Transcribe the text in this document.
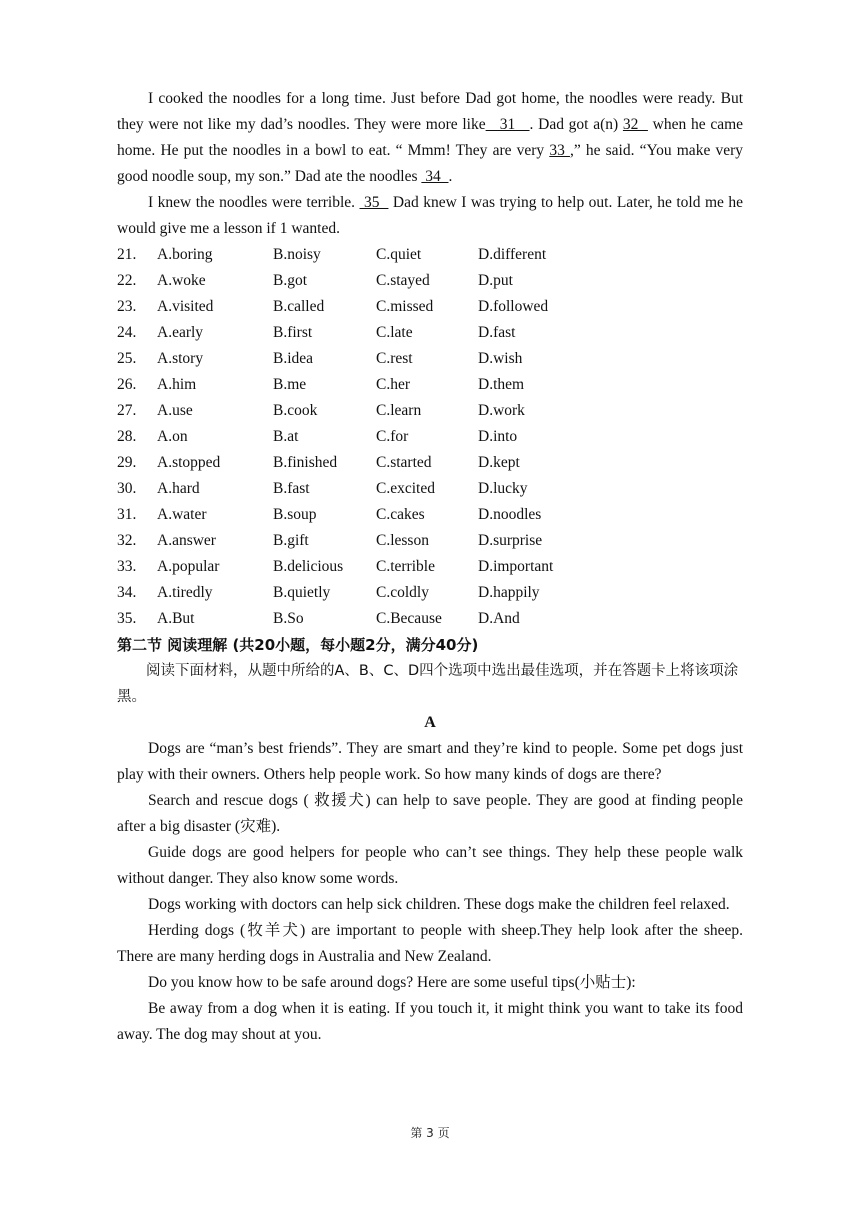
I cooked the noodles for a long time. Just before Dad got home, the noodles were ready. But they were not like my dad’s noodles. They were more like   31   . Dad got a(n) 32   when he came home. He put the noodles in a bowl to eat. “ Mmm! They are very 33 ,” he said. “You make very good noodle soup, my son.” Dad ate the noodles  34  .

I knew the noodles were terrible.  35   Dad knew I was trying to help out. Later, he told me he would give me a lesson if 1 wanted.

21.	A.boring	B.noisy	C.quiet	D.different
22.	A.woke	B.got	C.stayed	D.put
23.	A.visited	B.called	C.missed	D.followed
24.	A.early	B.first	C.late	D.fast
25.	A.story	B.idea	C.rest	D.wish
26.	A.him	B.me	C.her	D.them
27.	A.use	B.cook	C.learn	D.work
28.	A.on	B.at	C.for	D.into
29.	A.stopped	B.finished	C.started	D.kept
30.	A.hard	B.fast	C.excited	D.lucky
31.	A.water	B.soup	C.cakes	D.noodles
32.	A.answer	B.gift	C.lesson	D.surprise
33.	A.popular	B.delicious	C.terrible	D.important
34.	A.tiredly	B.quietly	C.coldly	D.happily
35.	A.But	B.So	C.Because	D.And

第二节 阅读理解 (共20小题，每小题2分，满分40分)

阅读下面材料，从题中所给的A、B、C、D四个选项中选出最佳选项，并在答题卡上将该项涂黑。

A

Dogs are “man’s best friends”. They are smart and they’re kind to people. Some pet dogs just play with their owners. Others help people work. So how many kinds of dogs are there?

Search and rescue dogs ( 救援犬) can help to save people. They are good at finding people after a big disaster (灾难).

Guide dogs are good helpers for people who can’t see things. They help these people walk without danger. They also know some words.

Dogs working with doctors can help sick children. These dogs make the children feel relaxed.

Herding dogs (牧羊犬) are important to people with sheep.They help look after the sheep. There are many herding dogs in Australia and New Zealand.

Do you know how to be safe around dogs? Here are some useful tips(小贴士):

Be away from a dog when it is eating. If you touch it, it might think you want to take its food away. The dog may shout at you.

第 3 页
